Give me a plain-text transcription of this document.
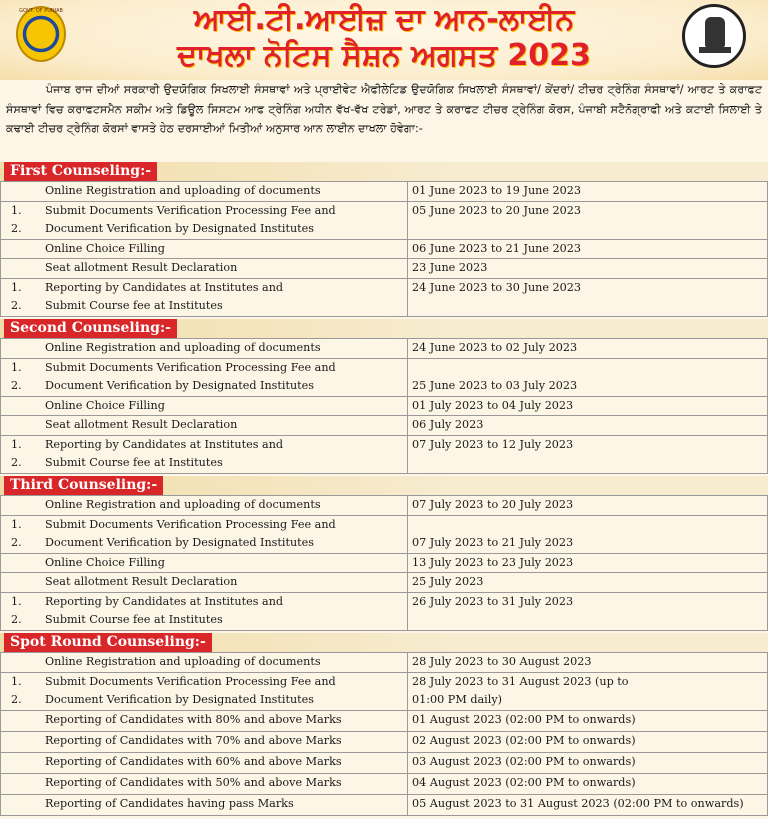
GOVT. OF PUNJAB	ਆਈ.ਟੀ.ਆਈਜ਼ ਦਾ ਆਨ-ਲਾਈਨ
ਦਾਖਲਾ ਨੋਟਿਸ ਸੈਸ਼ਨ ਅਗਸਤ 2023
ਪੰਜਾਬ ਰਾਜ ਦੀਆਂ ਸਰਕਾਰੀ ਉਦਯੋਗਿਕ ਸਿਖਲਾਈ ਸੰਸਥਾਵਾਂ ਅਤੇ ਪ੍ਰਾਈਵੇਟ ਐਫੀਲੇਟਿਡ ਉਦਯੋਗਿਕ ਸਿਖਲਾਈ ਸੰਸਥਾਵਾਂ/ ਕੇਂਦਰਾਂ/ ਟੀਚਰ ਟ੍ਰੇਨਿੰਗ ਸੰਸਥਾਵਾਂ/ ਆਰਟ ਤੇ ਕਰਾਫਟ ਸੰਸਥਾਵਾਂ ਵਿਚ ਕਰਾਫਟਸਮੈਨ ਸਕੀਮ ਅਤੇ ਡਿਊਲ ਸਿਸਟਮ ਆਫ ਟ੍ਰੇਨਿੰਗ ਅਧੀਨ ਵੱਖ-ਵੱਖ ਟਰੇਡਾਂ, ਆਰਟ ਤੇ ਕਰਾਫਟ ਟੀਚਰ ਟ੍ਰੇਨਿੰਗ ਕੋਰਸ, ਪੰਜਾਬੀ ਸਟੈਨੋਗ੍ਰਾਫੀ ਅਤੇ ਕਟਾਈ ਸਿਲਾਈ ਤੇ ਕਢਾਈ ਟੀਚਰ ਟ੍ਰੇਨਿੰਗ ਕੋਰਸਾਂ ਵਾਸਤੇ ਹੇਠ ਦਰਸਾਈਆਂ ਮਿਤੀਆਂ ਅਨੁਸਾਰ ਆਨ ਲਾਈਨ ਦਾਖਲਾ ਹੋਵੇਗਾ:-
First Counseling:-

	Online Registration and uploading of documents	01 June 2023 to 19 June 2023

1.
2.	Submit Documents Verification Processing Fee and
Document Verification by Designated Institutes	05 June 2023 to 20 June 2023

	Online Choice Filling	06 June 2023 to 21 June 2023

	Seat allotment Result Declaration	23 June 2023

1.
2.	Reporting by Candidates at Institutes and
Submit Course fee at Institutes	24 June 2023 to 30 June 2023
Second Counseling:-

	Online Registration and uploading of documents	24 June 2023 to 02 July 2023

1.
2.	Submit Documents Verification Processing Fee and
Document Verification by Designated Institutes	25 June 2023 to 03 July 2023

	Online Choice Filling	01 July 2023 to 04 July 2023

	Seat allotment Result Declaration	06 July 2023

1.
2.	Reporting by Candidates at Institutes and
Submit Course fee at Institutes	07 July 2023 to 12 July 2023
Third Counseling:-

	Online Registration and uploading of documents	07 July 2023 to 20 July 2023

1.
2.	Submit Documents Verification Processing Fee and
Document Verification by Designated Institutes	07 July 2023 to 21 July 2023

	Online Choice Filling	13 July 2023 to 23 July 2023

	Seat allotment Result Declaration	25 July 2023

1.
2.	Reporting by Candidates at Institutes and
Submit Course fee at Institutes	26 July 2023 to 31 July 2023
Spot Round Counseling:-

	Online Registration and uploading of documents	28 July 2023 to 30 August 2023

1.
2.	Submit Documents Verification Processing Fee and
Document Verification by Designated Institutes	28 July 2023 to 31 August 2023 (up to
01:00 PM daily)

	Reporting of Candidates with 80% and above Marks	01 August 2023 (02:00 PM to onwards)

	Reporting of Candidates with 70% and above Marks	02 August 2023 (02:00 PM to onwards)

	Reporting of Candidates with 60% and above Marks	03 August 2023 (02:00 PM to onwards)

	Reporting of Candidates with 50% and above Marks	04 August 2023 (02:00 PM to onwards)

	Reporting of Candidates having pass Marks	05 August 2023 to 31 August 2023 (02:00 PM to onwards)
